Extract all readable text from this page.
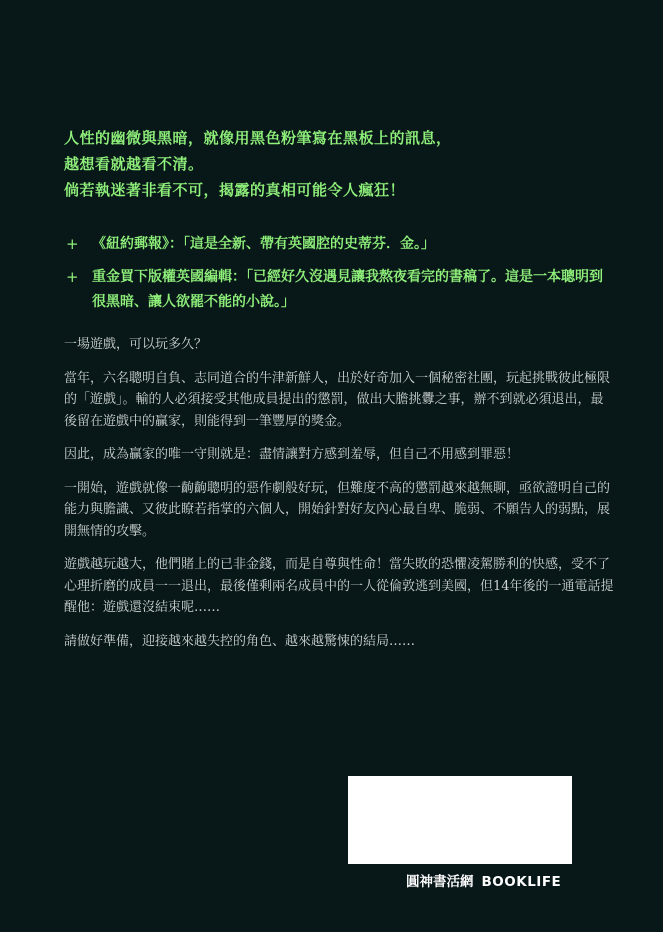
人性的幽微與黑暗，就像用黑色粉筆寫在黑板上的訊息，
越想看就越看不清。
倘若執迷著非看不可，揭露的真相可能令人瘋狂！
+ 《紐約郵報》：「這是全新、帶有英國腔的史蒂芬．金。」
+ 重金買下版權英國編輯：「已經好久沒遇見讓我熬夜看完的書稿了。這是一本聰明到很黑暗、讓人欲罷不能的小說。」

一場遊戲，可以玩多久？

當年，六名聰明自負、志同道合的牛津新鮮人，出於好奇加入一個秘密社團，玩起挑戰彼此極限的「遊戲」。輸的人必須接受其他成員提出的懲罰，做出大膽挑釁之事，辦不到就必須退出，最後留在遊戲中的贏家，則能得到一筆豐厚的獎金。

因此，成為贏家的唯一守則就是：盡情讓對方感到羞辱，但自己不用感到罪惡！

一開始，遊戲就像一齣齣聰明的惡作劇般好玩，但難度不高的懲罰越來越無聊，亟欲證明自己的能力與膽識、又彼此瞭若指掌的六個人，開始針對好友內心最自卑、脆弱、不願告人的弱點，展開無情的攻擊。

遊戲越玩越大，他們賭上的已非金錢，而是自尊與性命！當失敗的恐懼凌駕勝利的快感，受不了心理折磨的成員一一退出，最後僅剩兩名成員中的一人從倫敦逃到美國，但14年後的一通電話提醒他：遊戲還沒結束呢……

請做好準備，迎接越來越失控的角色、越來越驚悚的結局……

圓神書活網 BOOKLIFE
